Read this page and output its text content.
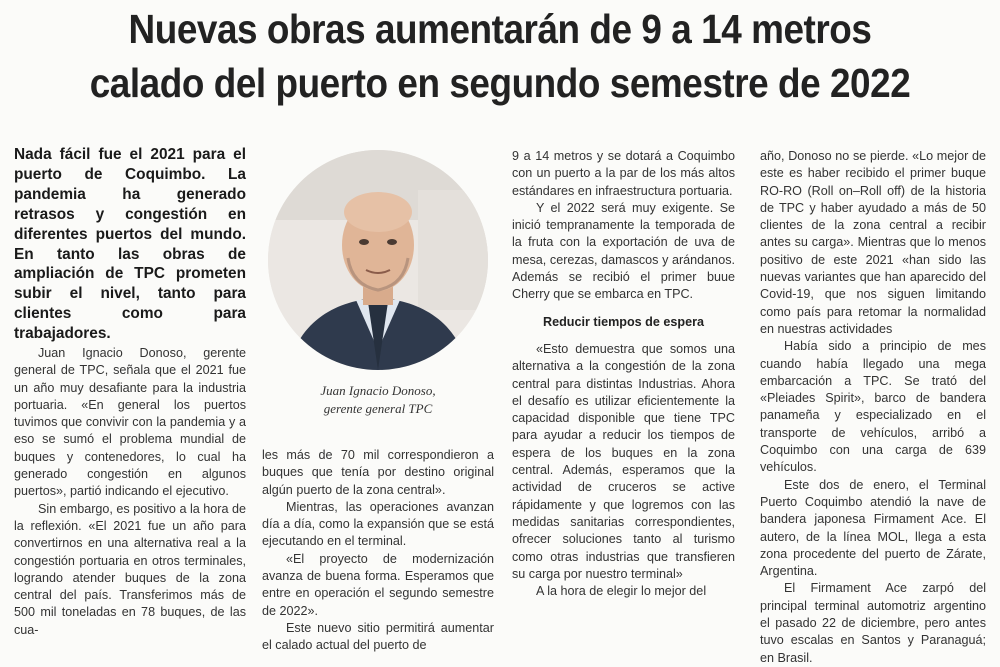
Nuevas obras aumentarán de 9 a 14 metros
calado del puerto en segundo semestre de 2022
Nada fácil fue el 2021 para el puerto de Coquimbo. La pandemia ha generado retrasos y congestión en diferentes puertos del mundo. En tanto las obras de ampliación de TPC prometen subir el nivel, tanto para clientes como para trabajadores.
Juan Ignacio Donoso,
gerente general TPC

Juan Ignacio Donoso, gerente general de TPC, señala que el 2021 fue un año muy desafiante para la industria portuaria. «En general los puertos tuvimos que convivir con la pandemia y a eso se sumó el problema mundial de buques y contenedores, lo cual ha generado congestión en algunos puertos», partió indicando el ejecutivo.

Sin embargo, es positivo a la hora de la reflexión. «El 2021 fue un año para convertirnos en una alternativa real a la congestión portuaria en otros terminales, logrando atender buques de la zona central del país. Transferimos más de 500 mil toneladas en 78 buques, de las cua-

les más de 70 mil correspondieron a buques que tenía por destino original algún puerto de la zona central».

Mientras, las operaciones avanzan día a día, como la expansión que se está ejecutando en el terminal.

«El proyecto de modernización avanza de buena forma. Esperamos que entre en operación el segundo semestre de 2022».

Este nuevo sitio permitirá aumentar el calado actual del puerto de

9 a 14 metros y se dotará a Coquimbo con un puerto a la par de los más altos estándares en infraestructura portuaria.

Y el 2022 será muy exigente. Se inició tempranamente la temporada de la fruta con la exportación de uva de mesa, cerezas, damascos y arándanos. Además se recibió el primer buue Cherry que se embarca en TPC.

Reducir tiempos de espera

«Esto demuestra que somos una alternativa a la congestión de la zona central para distintas Industrias. Ahora el desafío es utilizar eficientemente la capacidad disponible que tiene TPC para ayudar a reducir los tiempos de espera de los buques en la zona central. Además, esperamos que la actividad de cruceros se active rápidamente y que logremos con las medidas sanitarias correspondientes, ofrecer soluciones tanto al turismo como otras industrias que transfieren su carga por nuestro terminal»

A la hora de elegir lo mejor del

año, Donoso no se pierde. «Lo mejor de este es haber recibido el primer buque RO-RO (Roll on–Roll off) de la historia de TPC y haber ayudado a más de 50 clientes de la zona central a recibir antes su carga». Mientras que lo menos positivo de este 2021 «han sido las nuevas variantes que han aparecido del Covid-19, que nos siguen limitando como país para retomar la normalidad en nuestras actividades

Había sido a principio de mes cuando había llegado una mega embarcación a TPC. Se trató del «Pleiades Spirit», barco de bandera panameña y especializado en el transporte de vehículos, arribó a Coquimbo con una carga de 639 vehículos.

Este dos de enero, el Terminal Puerto Coquimbo atendió la nave de bandera japonesa Firmament Ace. El autero, de la línea MOL, llega a esta zona procedente del puerto de Zárate, Argentina.

El Firmament Ace zarpó del principal terminal automotriz argentino el pasado 22 de diciembre, pero antes tuvo escalas en Santos y Paranaguá; en Brasil.
